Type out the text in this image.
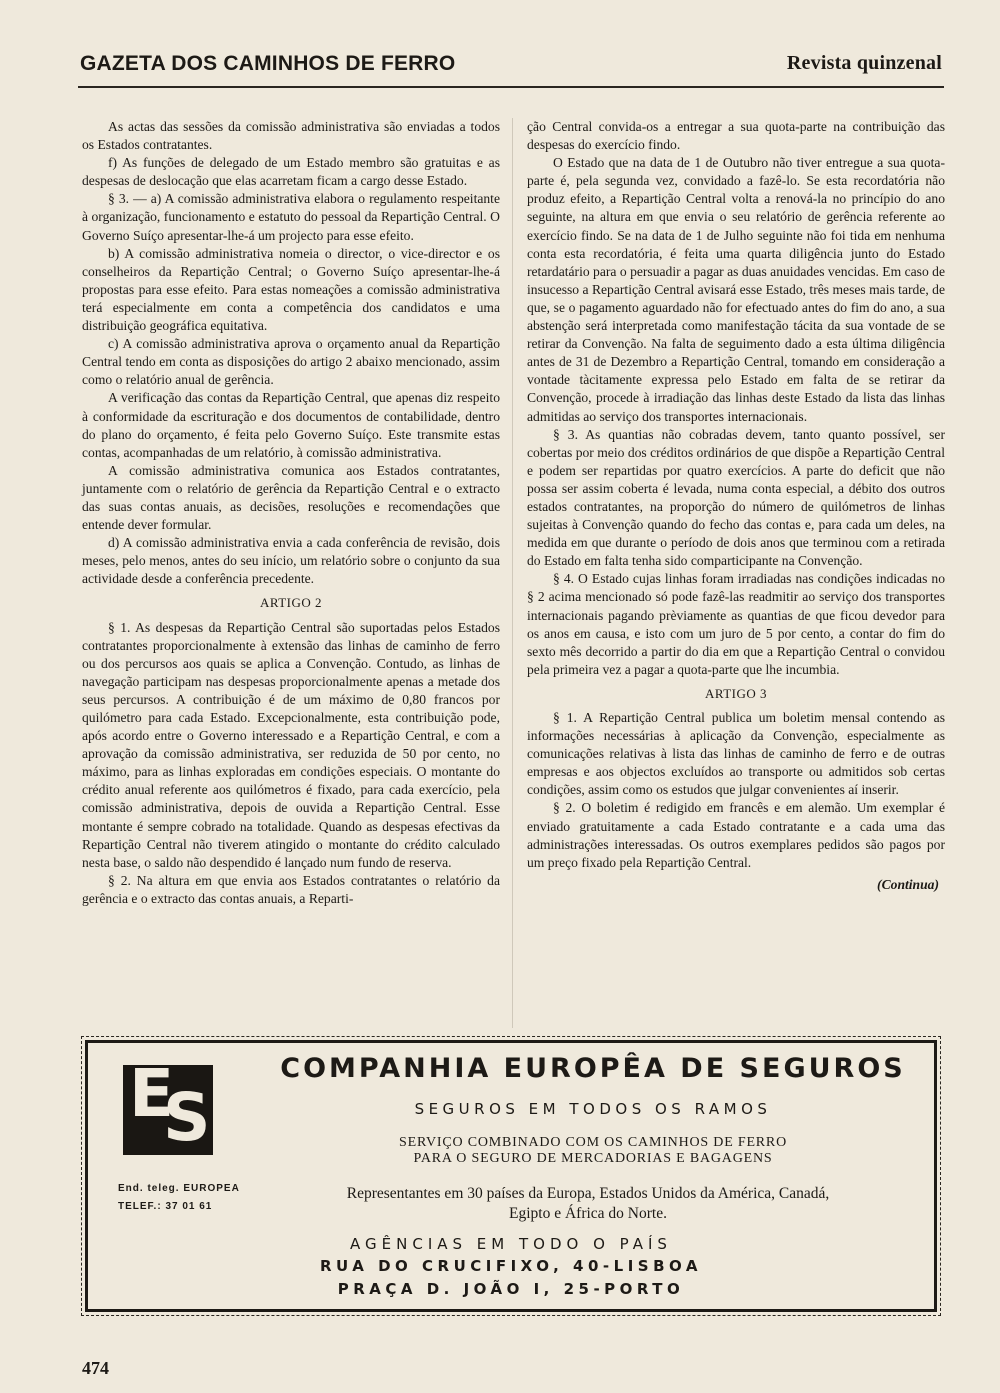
GAZETA DOS CAMINHOS DE FERRO	Revista quinzenal

As actas das sessões da comissão administrativa são enviadas a todos os Estados contratantes.

f) As funções de delegado de um Estado membro são gratuitas e as despesas de deslocação que elas acarretam ficam a cargo desse Estado.

§ 3. — a) A comissão administrativa elabora o regulamento respeitante à organização, funcionamento e estatuto do pessoal da Repartição Central. O Governo Suíço apresentar-lhe-á um projecto para esse efeito.

b) A comissão administrativa nomeia o director, o vice-director e os conselheiros da Repartição Central; o Governo Suíço apresentar-lhe-á propostas para esse efeito. Para estas nomeações a comissão administrativa terá especialmente em conta a competência dos candidatos e uma distribuição geográfica equitativa.

c) A comissão administrativa aprova o orçamento anual da Repartição Central tendo em conta as disposições do artigo 2 abaixo mencionado, assim como o relatório anual de gerência.

A verificação das contas da Repartição Central, que apenas diz respeito à conformidade da escrituração e dos documentos de contabilidade, dentro do plano do orçamento, é feita pelo Governo Suíço. Este transmite estas contas, acompanhadas de um relatório, à comissão administrativa.

A comissão administrativa comunica aos Estados contratantes, juntamente com o relatório de gerência da Repartição Central e o extracto das suas contas anuais, as decisões, resoluções e recomendações que entende dever formular.

d) A comissão administrativa envia a cada conferência de revisão, dois meses, pelo menos, antes do seu início, um relatório sobre o conjunto da sua actividade desde a conferência precedente.

ARTIGO 2

§ 1. As despesas da Repartição Central são suportadas pelos Estados contratantes proporcionalmente à extensão das linhas de caminho de ferro ou dos percursos aos quais se aplica a Convenção. Contudo, as linhas de navegação participam nas despesas proporcionalmente apenas a metade dos seus percursos. A contribuição é de um máximo de 0,80 francos por quilómetro para cada Estado. Excepcionalmente, esta contribuição pode, após acordo entre o Governo interessado e a Repartição Central, e com a aprovação da comissão administrativa, ser reduzida de 50 por cento, no máximo, para as linhas exploradas em condições especiais. O montante do crédito anual referente aos quilómetros é fixado, para cada exercício, pela comissão administrativa, depois de ouvida a Repartição Central. Esse montante é sempre cobrado na totalidade. Quando as despesas efectivas da Repartição Central não tiverem atingido o montante do crédito calculado nesta base, o saldo não despendido é lançado num fundo de reserva.

§ 2. Na altura em que envia aos Estados contratantes o relatório da gerência e o extracto das contas anuais, a Reparti-

ção Central convida-os a entregar a sua quota-parte na contribuição das despesas do exercício findo.

O Estado que na data de 1 de Outubro não tiver entregue a sua quota-parte é, pela segunda vez, convidado a fazê-lo. Se esta recordatória não produz efeito, a Repartição Central volta a renová-la no princípio do ano seguinte, na altura em que envia o seu relatório de gerência referente ao exercício findo. Se na data de 1 de Julho seguinte não foi tida em nenhuma conta esta recordatória, é feita uma quarta diligência junto do Estado retardatário para o persuadir a pagar as duas anuidades vencidas. Em caso de insucesso a Repartição Central avisará esse Estado, três meses mais tarde, de que, se o pagamento aguardado não for efectuado antes do fim do ano, a sua abstenção será interpretada como manifestação tácita da sua vontade de se retirar da Convenção. Na falta de seguimento dado a esta última diligência antes de 31 de Dezembro a Repartição Central, tomando em consideração a vontade tàcitamente expressa pelo Estado em falta de se retirar da Convenção, procede à irradiação das linhas deste Estado da lista das linhas admitidas ao serviço dos transportes internacionais.

§ 3. As quantias não cobradas devem, tanto quanto possível, ser cobertas por meio dos créditos ordinários de que dispõe a Repartição Central e podem ser repartidas por quatro exercícios. A parte do deficit que não possa ser assim coberta é levada, numa conta especial, a débito dos outros estados contratantes, na proporção do número de quilómetros de linhas sujeitas à Convenção quando do fecho das contas e, para cada um deles, na medida em que durante o período de dois anos que terminou com a retirada do Estado em falta tenha sido comparticipante na Convenção.

§ 4. O Estado cujas linhas foram irradiadas nas condições indicadas no § 2 acima mencionado só pode fazê-las readmitir ao serviço dos transportes internacionais pagando prèviamente as quantias de que ficou devedor para os anos em causa, e isto com um juro de 5 por cento, a contar do fim do sexto mês decorrido a partir do dia em que a Repartição Central o convidou pela primeira vez a pagar a quota-parte que lhe incumbia.

ARTIGO 3

§ 1. A Repartição Central publica um boletim mensal contendo as informações necessárias à aplicação da Convenção, especialmente as comunicações relativas à lista das linhas de caminho de ferro e de outras empresas e aos objectos excluídos ao transporte ou admitidos sob certas condições, assim como os estudos que julgar convenientes aí inserir.

§ 2. O boletim é redigido em francês e em alemão. Um exemplar é enviado gratuitamente a cada Estado contratante e a cada uma das administrações interessadas. Os outros exemplares pedidos são pagos por um preço fixado pela Repartição Central.

(Continua)

E
S
COMPANHIA EUROPÊA DE SEGUROS
SEGUROS EM TODOS OS RAMOS
SERVIÇO COMBINADO COM OS CAMINHOS DE FERRO
PARA O SEGURO DE MERCADORIAS E BAGAGENS
End. teleg. EUROPEA
TELEF.: 37 01 61
Representantes em 30 países da Europa, Estados Unidos da América, Canadá,
Egipto e África do Norte.
AGÊNCIAS EM TODO O PAÍS
RUA DO CRUCIFIXO, 40-LISBOA
PRAÇA D. JOÃO I, 25-PORTO
474
